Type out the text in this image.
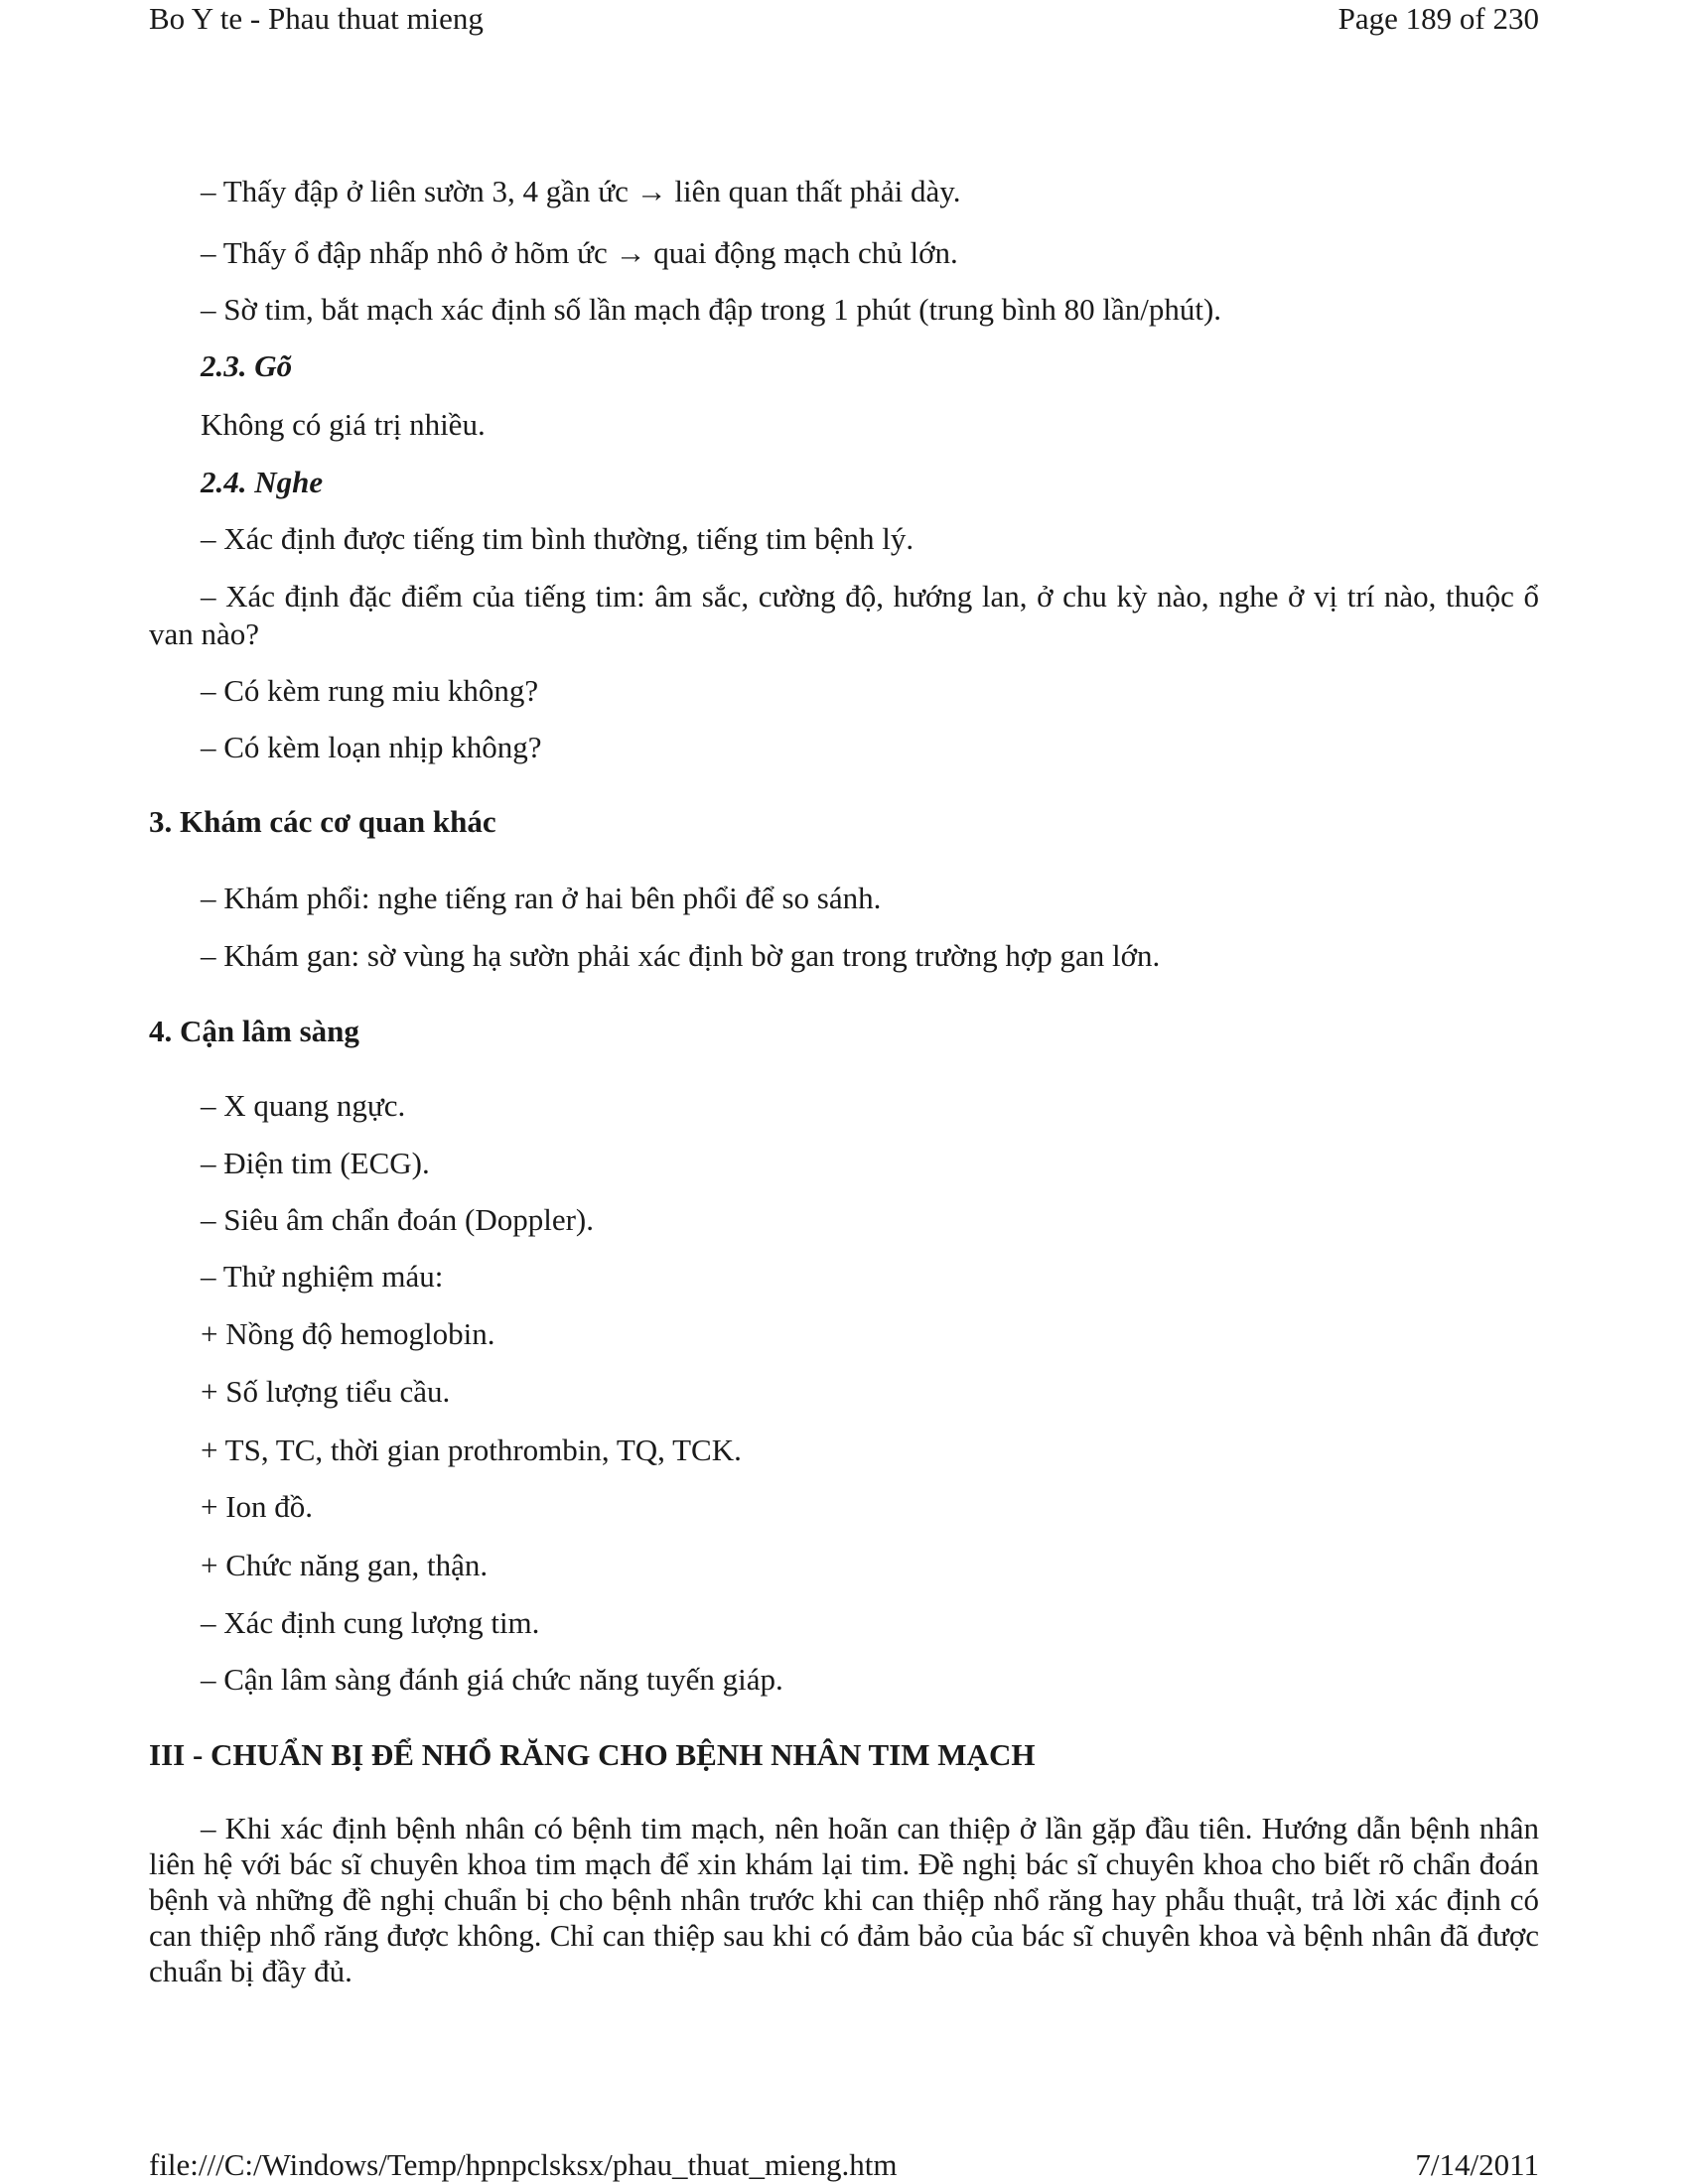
Bo Y te - Phau thuat mieng	Page 189 of 230
– Thấy đập ở liên sườn 3, 4 gần ức → liên quan thất phải dày.
– Thấy ổ đập nhấp nhô ở hõm ức → quai động mạch chủ lớn.
– Sờ tim, bắt mạch xác định số lần mạch đập trong 1 phút (trung bình 80 lần/phút).
2.3. Gõ
Không có giá trị nhiều.
2.4. Nghe
– Xác định được tiếng tim bình thường, tiếng tim bệnh lý.
– Xác định đặc điểm của tiếng tim: âm sắc, cường độ, hướng lan, ở chu kỳ nào, nghe ở vị trí nào, thuộc ổ van nào?
– Có kèm rung miu không?
– Có kèm loạn nhịp không?
3. Khám các cơ quan khác
– Khám phổi: nghe tiếng ran ở hai bên phổi để so sánh.
– Khám gan: sờ vùng hạ sườn phải xác định bờ gan trong trường hợp gan lớn.
4. Cận lâm sàng
– X quang ngực.
– Điện tim (ECG).
– Siêu âm chẩn đoán (Doppler).
– Thử nghiệm máu:
+ Nồng độ hemoglobin.
+ Số lượng tiểu cầu.
+ TS, TC, thời gian prothrombin, TQ, TCK.
+ Ion đồ.
+ Chức năng gan, thận.
– Xác định cung lượng tim.
– Cận lâm sàng đánh giá chức năng tuyến giáp.
III - CHUẨN BỊ ĐỂ NHỔ RĂNG CHO BỆNH NHÂN TIM MẠCH
– Khi xác định bệnh nhân có bệnh tim mạch, nên hoãn can thiệp ở lần gặp đầu tiên. Hướng dẫn bệnh nhân liên hệ với bác sĩ chuyên khoa tim mạch để xin khám lại tim. Đề nghị bác sĩ chuyên khoa cho biết rõ chẩn đoán bệnh và những đề nghị chuẩn bị cho bệnh nhân trước khi can thiệp nhổ răng hay phẫu thuật, trả lời xác định có can thiệp nhổ răng được không. Chỉ can thiệp sau khi có đảm bảo của bác sĩ chuyên khoa và bệnh nhân đã được chuẩn bị đầy đủ.
file:///C:/Windows/Temp/hpnpclsksx/phau_thuat_mieng.htm	7/14/2011
